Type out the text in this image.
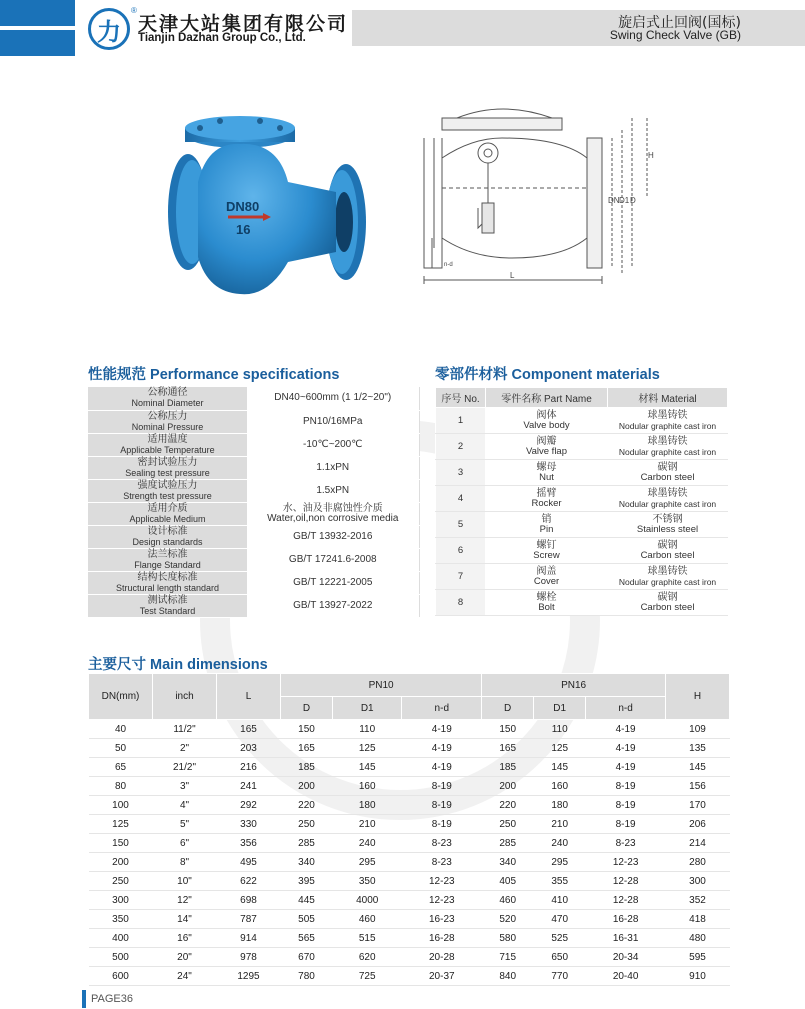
力
®
天津大站集团有限公司
Tianjin Dazhan Group Co., Ltd.
旋启式止回阀(国标)
Swing Check Valve (GB)
DN80
16
H
DN D1 D
n-d
L
性能规范 Performance specifications
公称通径
Nominal Diameter	DN40~600mm (1 1/2~20")

公称压力
Nominal Pressure	PN10/16MPa

适用温度
Applicable Temperature	-10℃~200℃

密封试验压力
Sealing test pressure	1.1xPN

强度试验压力
Strength test pressure	1.5xPN

适用介质
Applicable Medium	水、油及非腐蚀性介质
Water,oil,non corrosive media

设计标准
Design standards	GB/T 13932-2016

法兰标准
Flange Standard	GB/T 17241.6-2008

结构长度标准
Structural length standard	GB/T 12221-2005

测试标准
Test Standard	GB/T 13927-2022
零部件材料 Component materials
序号 No.	零件名称 Part Name	材料 Material
1	阀体
Valve body	球墨铸铁
Nodular graphite cast iron

2	阀瓣
Valve flap	球墨铸铁
Nodular graphite cast iron

3	螺母
Nut	碳钢
Carbon steel

4	摇臂
Rocker	球墨铸铁
Nodular graphite cast iron

5	销
Pin	不锈钢
Stainless steel

6	螺钉
Screw	碳钢
Carbon steel

7	阀盖
Cover	球墨铸铁
Nodular graphite cast iron

8	螺栓
Bolt	碳钢
Carbon steel
主要尺寸 Main dimensions
DN(mm)	inch	L	PN10			PN16			H
			D	D1	n-d	D	D1	n-d	
40	11/2"	165	150	110	4-19	150	110	4-19	109
50	2"	203	165	125	4-19	165	125	4-19	135
65	21/2"	216	185	145	4-19	185	145	4-19	145
80	3"	241	200	160	8-19	200	160	8-19	156
100	4"	292	220	180	8-19	220	180	8-19	170
125	5"	330	250	210	8-19	250	210	8-19	206
150	6"	356	285	240	8-23	285	240	8-23	214
200	8"	495	340	295	8-23	340	295	12-23	280
250	10"	622	395	350	12-23	405	355	12-28	300
300	12"	698	445	4000	12-23	460	410	12-28	352
350	14"	787	505	460	16-23	520	470	16-28	418
400	16"	914	565	515	16-28	580	525	16-31	480
500	20"	978	670	620	20-28	715	650	20-34	595
600	24"	1295	780	725	20-37	840	770	20-40	910
PAGE36
